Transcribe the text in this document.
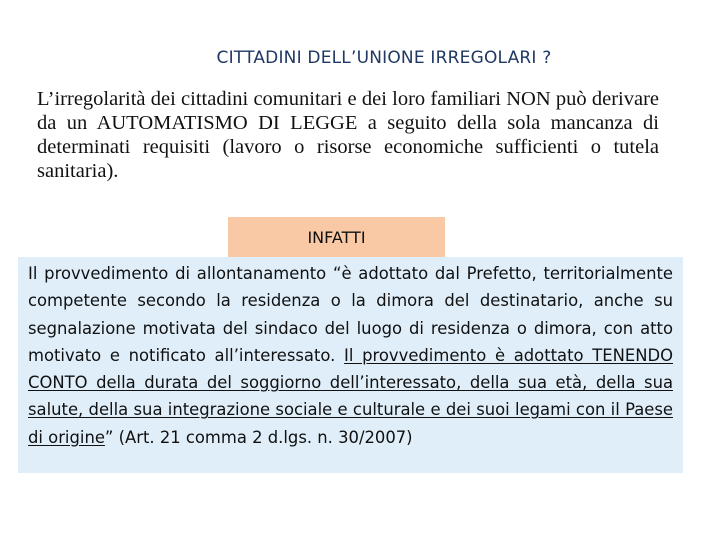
CITTADINI DELL’UNIONE IRREGOLARI ?

L’irregolarità dei cittadini comunitari e dei loro familiari NON può derivare da un AUTOMATISMO DI LEGGE a seguito della sola mancanza di determinati requisiti (lavoro o risorse economiche sufficienti o tutela sanitaria).

INFATTI

Il provvedimento di allontanamento “è adottato dal Prefetto, territorialmente competente secondo la residenza o la dimora del destinatario, anche su segnalazione motivata del sindaco del luogo di residenza o dimora, con atto motivato e notificato all’interessato. Il provvedimento è adottato TENENDO CONTO della durata del soggiorno dell’interessato, della sua età, della sua salute, della sua integrazione sociale e culturale e dei suoi legami con il Paese di origine” (Art. 21 comma 2 d.lgs. n. 30/2007)
